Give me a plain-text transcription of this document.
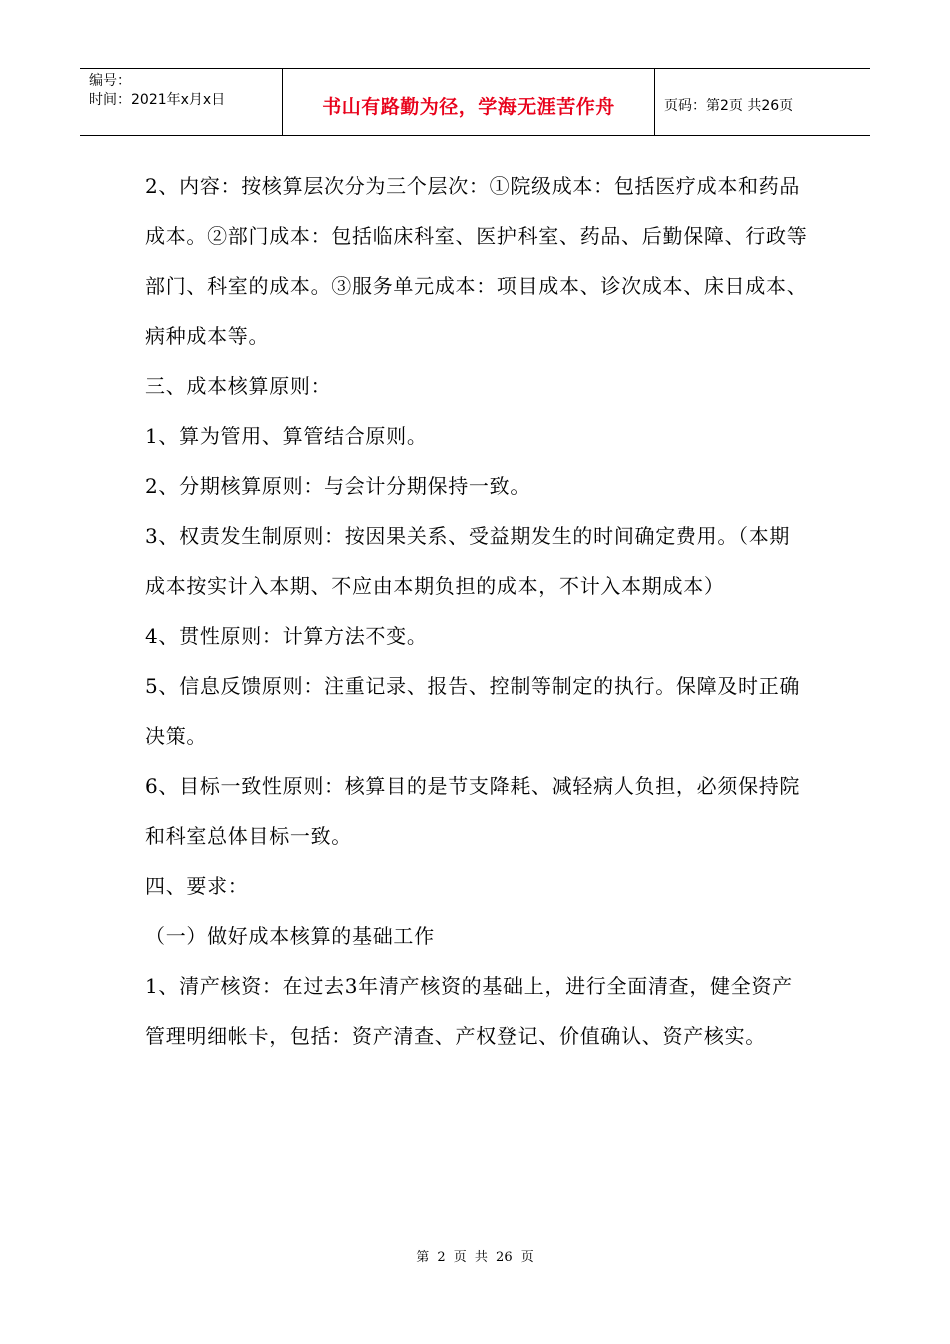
编号：
时间：2021年x月x日	书山有路勤为径，学海无涯苦作舟	页码：第2页 共26页

2、内容：按核算层次分为三个层次：①院级成本：包括医疗成本和药品成本。②部门成本：包括临床科室、医护科室、药品、后勤保障、行政等部门、科室的成本。③服务单元成本：项目成本、诊次成本、床日成本、病种成本等。

三、成本核算原则：

1、算为管用、算管结合原则。

2、分期核算原则：与会计分期保持一致。

3、权责发生制原则：按因果关系、受益期发生的时间确定费用。（本期成本按实计入本期、不应由本期负担的成本，不计入本期成本）

4、贯性原则：计算方法不变。

5、信息反馈原则：注重记录、报告、控制等制定的执行。保障及时正确决策。

6、目标一致性原则：核算目的是节支降耗、减轻病人负担，必须保持院和科室总体目标一致。

四、要求：

（一）做好成本核算的基础工作

1、清产核资：在过去3年清产核资的基础上，进行全面清查，健全资产管理明细帐卡，包括：资产清查、产权登记、价值确认、资产核实。

第 2 页 共 26 页
